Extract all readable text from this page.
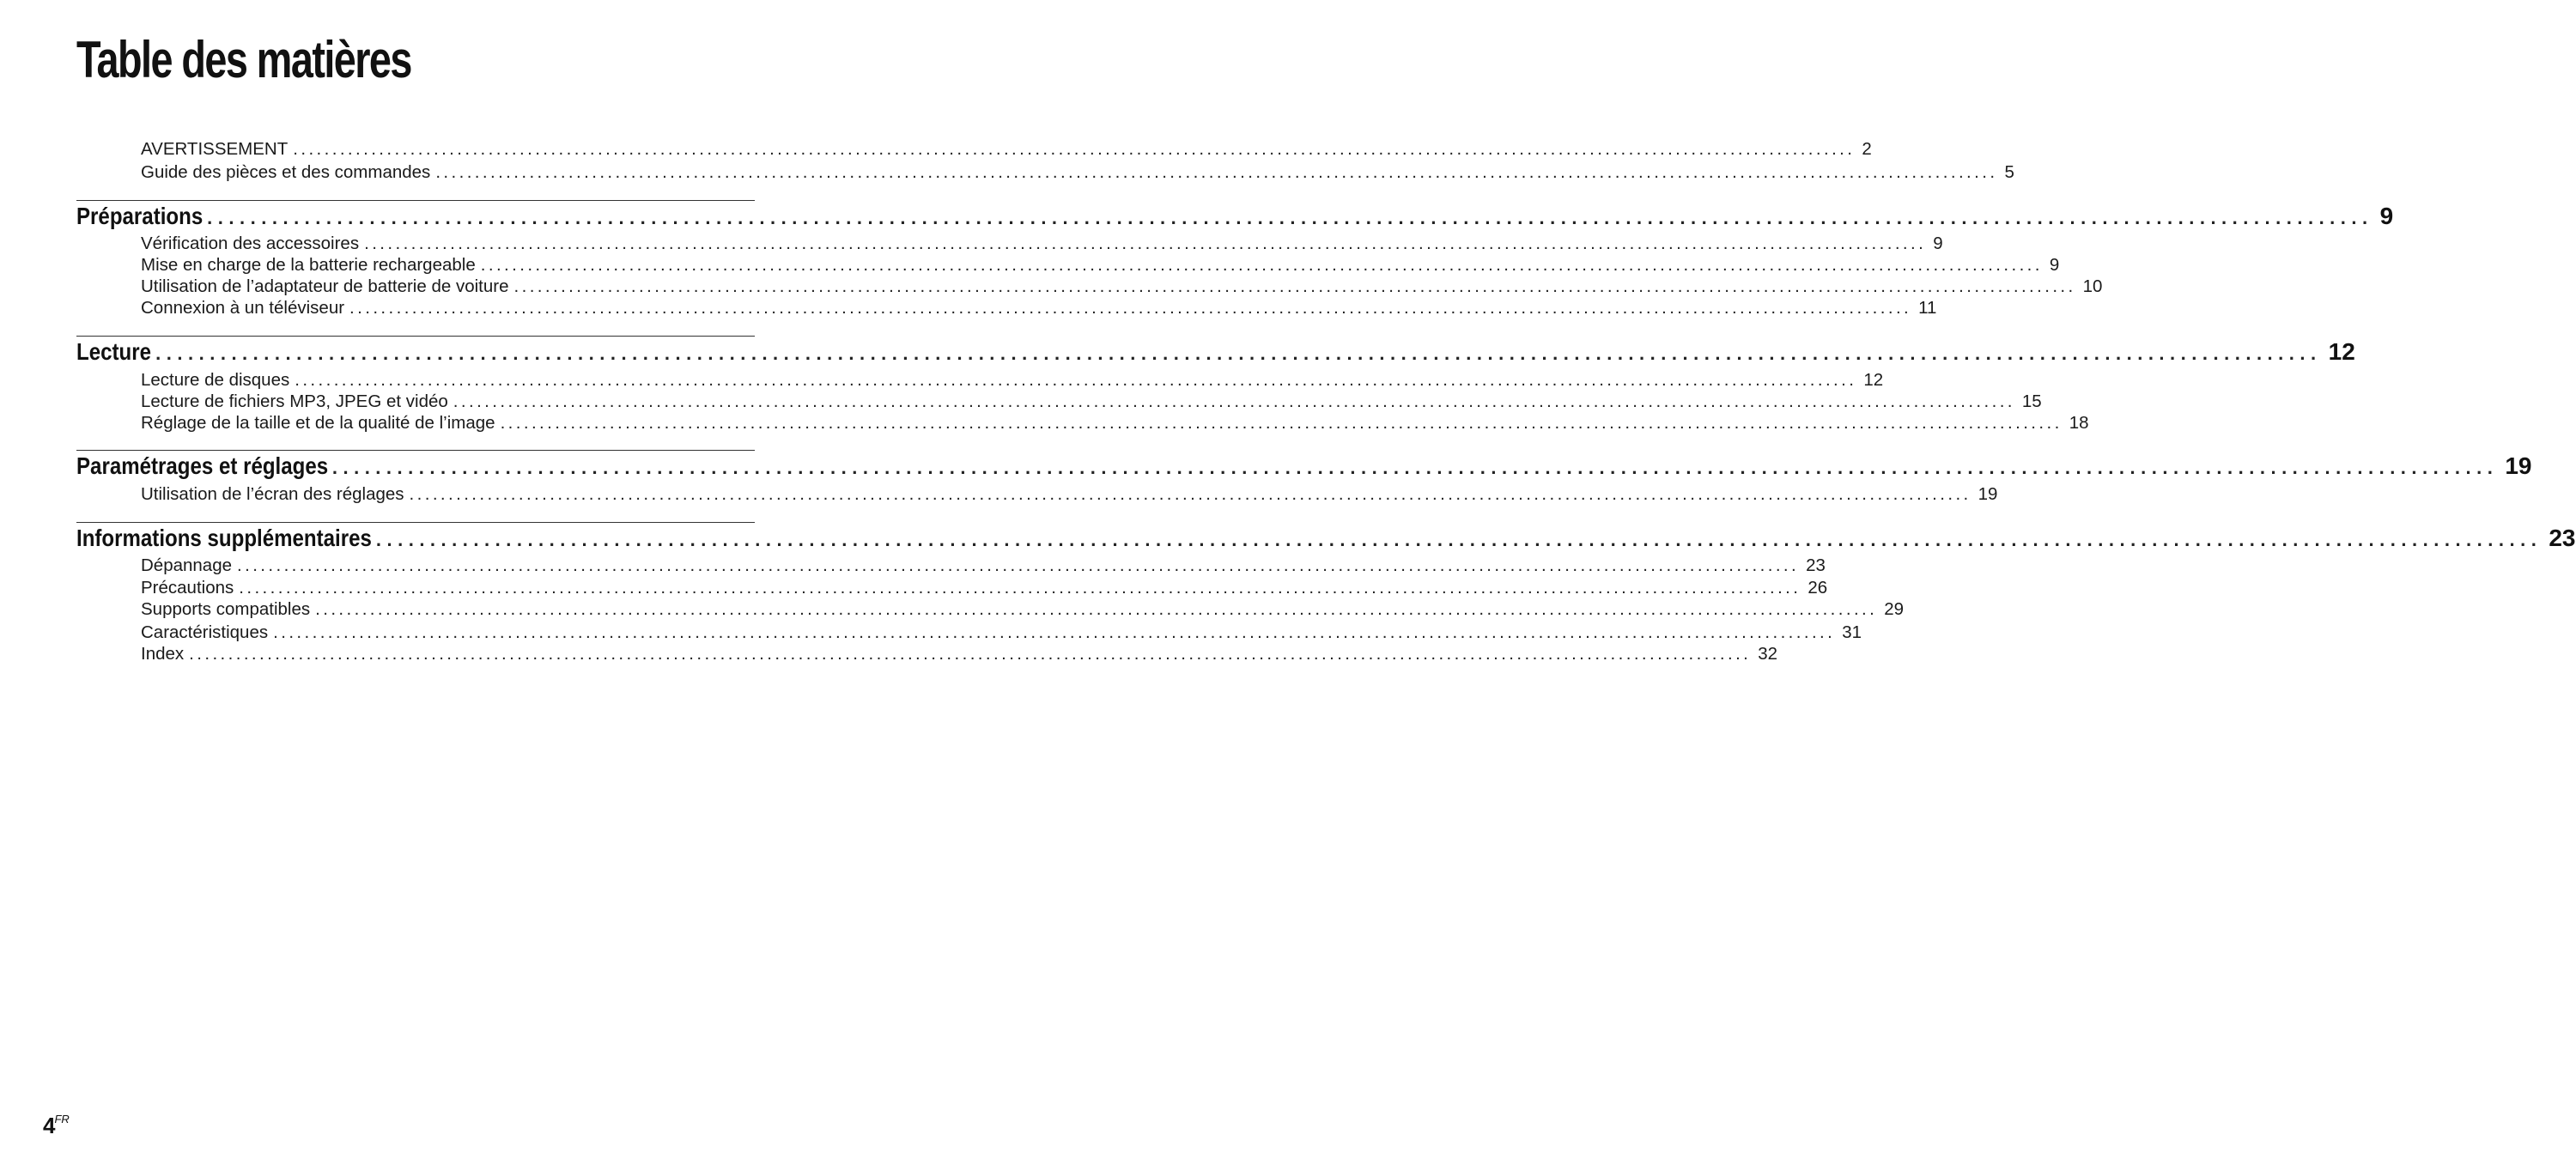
Table des matières
AVERTISSEMENT ........................................................................................................................................................................................................ 2
Guide des pièces et des commandes ........................................................................................................................................................................................................ 5
Préparations ........................................................................................................................................................................................................ 9
Vérification des accessoires ........................................................................................................................................................................................................ 9
Mise en charge de la batterie rechargeable ........................................................................................................................................................................................................ 9
Utilisation de l’adaptateur de batterie de voiture ........................................................................................................................................................................................................ 10
Connexion à un téléviseur ........................................................................................................................................................................................................ 11
Lecture ........................................................................................................................................................................................................ 12
Lecture de disques ........................................................................................................................................................................................................ 12
Lecture de fichiers MP3, JPEG et vidéo ........................................................................................................................................................................................................ 15
Réglage de la taille et de la qualité de l’image ........................................................................................................................................................................................................ 18
Paramétrages et réglages ........................................................................................................................................................................................................ 19
Utilisation de l’écran des réglages ........................................................................................................................................................................................................ 19
Informations supplémentaires ........................................................................................................................................................................................................ 23
Dépannage ........................................................................................................................................................................................................ 23
Précautions ........................................................................................................................................................................................................ 26
Supports compatibles ........................................................................................................................................................................................................ 29
Caractéristiques ........................................................................................................................................................................................................ 31
Index ........................................................................................................................................................................................................ 32
$4^{FR}$
